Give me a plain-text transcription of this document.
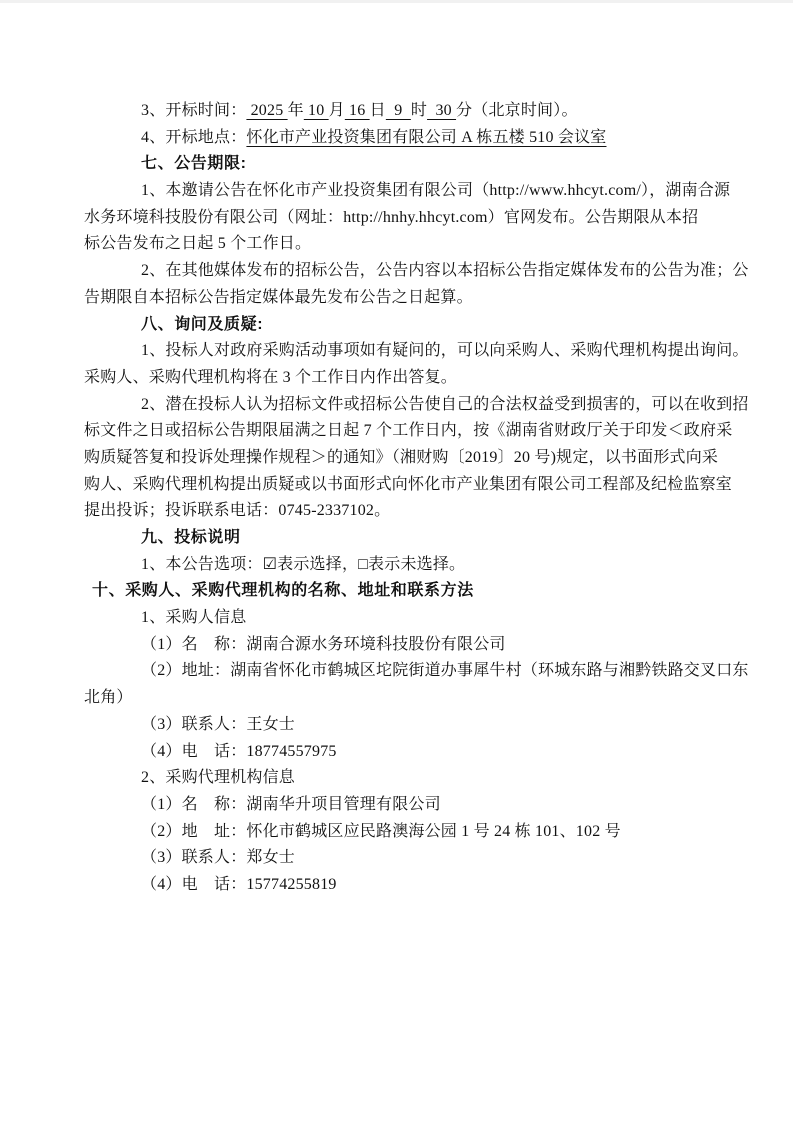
3、开标时间： 2025 年 10 月 16 日  9  时  30 分（北京时间）。
4、开标地点：怀化市产业投资集团有限公司 A 栋五楼 510 会议室
七、公告期限:
1、本邀请公告在怀化市产业投资集团有限公司（http://www.hhcyt.com/），湖南合源
水务环境科技股份有限公司（网址：http://hnhy.hhcyt.com）官网发布。公告期限从本招
标公告发布之日起 5 个工作日。
2、在其他媒体发布的招标公告，公告内容以本招标公告指定媒体发布的公告为准；公
告期限自本招标公告指定媒体最先发布公告之日起算。
八、询问及质疑:
1、投标人对政府采购活动事项如有疑问的，可以向采购人、采购代理机构提出询问。
采购人、采购代理机构将在 3 个工作日内作出答复。
2、潜在投标人认为招标文件或招标公告使自己的合法权益受到损害的，可以在收到招
标文件之日或招标公告期限届满之日起 7 个工作日内，按《湖南省财政厅关于印发＜政府采
购质疑答复和投诉处理操作规程＞的通知》（湘财购〔2019〕20 号)规定，以书面形式向采
购人、采购代理机构提出质疑或以书面形式向怀化市产业集团有限公司工程部及纪检监察室
提出投诉；投诉联系电话：0745-2337102。
九、投标说明
1、本公告选项：☑表示选择，□表示未选择。
十、采购人、采购代理机构的名称、地址和联系方法
1、采购人信息
（1）名　称：湖南合源水务环境科技股份有限公司
（2）地址：湖南省怀化市鹤城区坨院街道办事犀牛村（环城东路与湘黔铁路交叉口东
北角）
（3）联系人：王女士
（4）电　话：18774557975
2、采购代理机构信息
（1）名　称：湖南华升项目管理有限公司
（2）地　址：怀化市鹤城区应民路澳海公园 1 号 24 栋 101、102 号
（3）联系人：郑女士
（4）电　话：15774255819
